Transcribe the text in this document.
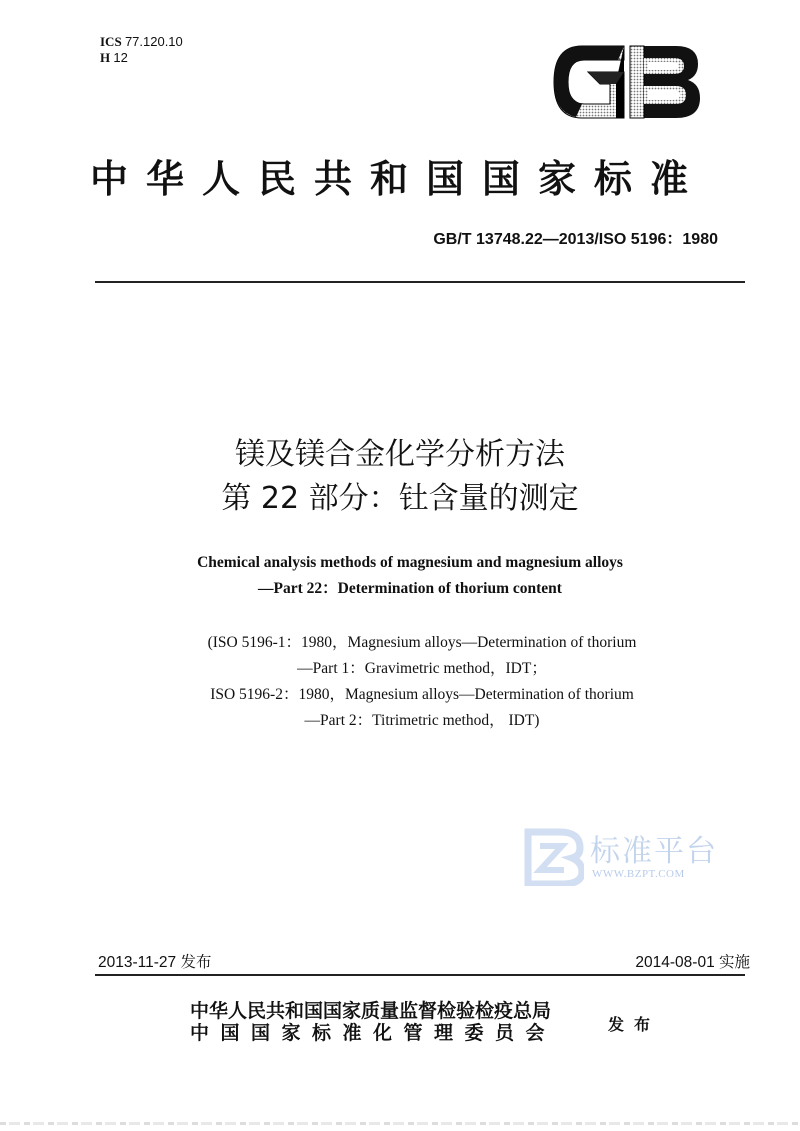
ICS 77.120.10
H 12
中华人民共和国国家标准
GB/T 13748.22—2013/ISO 5196：1980
镁及镁合金化学分析方法
第 22 部分：钍含量的测定
Chemical analysis methods of magnesium and magnesium alloys
—Part 22：Determination of thorium content
(ISO 5196-1：1980，Magnesium alloys—Determination of thorium
—Part 1：Gravimetric method，IDT；
ISO 5196-2：1980，Magnesium alloys—Determination of thorium
—Part 2：Titrimetric method， IDT)
标准平台
WWW.BZPT.COM
2013-11-27 发布	2014-08-01 实施
中华人民共和国国家质量监督检验检疫总局
中国国家标准化管理委员会	发布
